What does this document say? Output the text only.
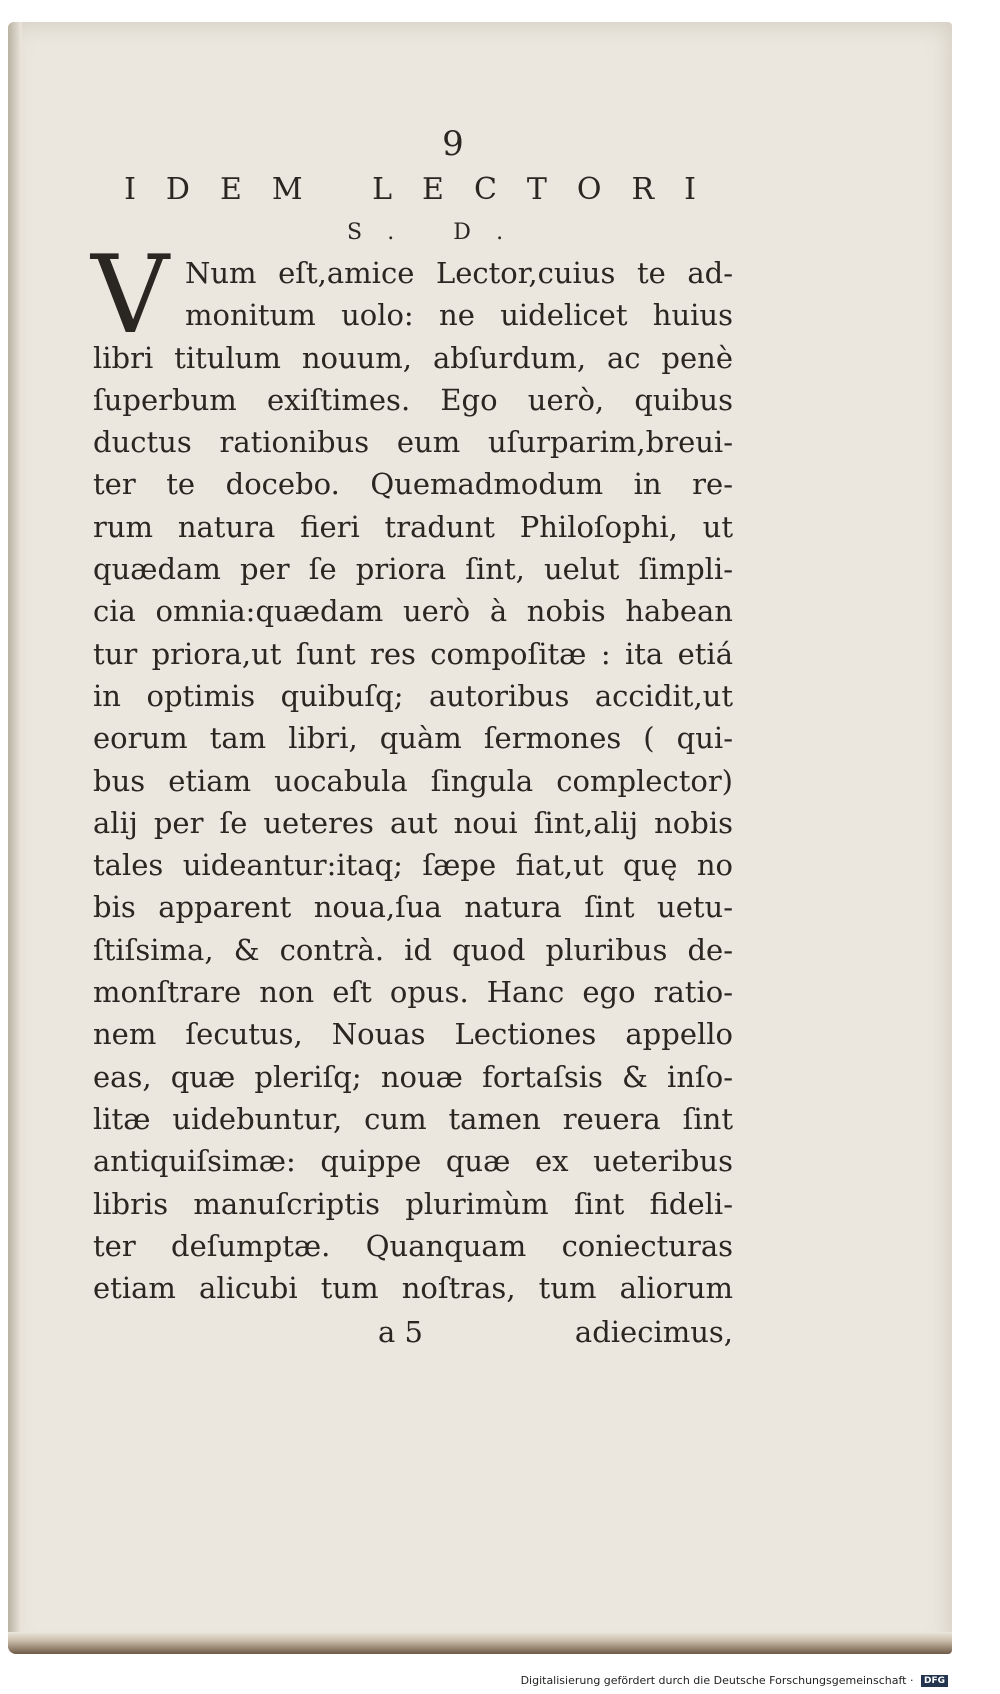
9
IDEM LECTORI
S. D.
V Num eſt,amice Lector,cuius te ad-
monitum uolo: ne uidelicet huius
libri titulum nouum, abſurdum, ac penè
ſuperbum exiſtimes. Ego uerò, quibus
ductus rationibus eum uſurparim,breui-
ter te docebo. Quemadmodum in re-
rum natura fieri tradunt Philoſophi, ut
quædam per ſe priora ſint, uelut ſimpli-
cia omnia:quædam uerò à nobis habean
tur priora,ut ſunt res compoſitæ : ita etiá
in optimis quibuſq; autoribus accidit,ut
eorum tam libri, quàm ſermones ( qui-
bus etiam uocabula ſingula complector)
alij per ſe ueteres aut noui ſint,alij nobis
tales uideantur:itaq; ſæpe fiat,ut quę no
bis apparent noua,ſua natura ſint uetu-
ſtiſsima, & contrà. id quod pluribus de-
monſtrare non eſt opus. Hanc ego ratio-
nem ſecutus, Nouas Lectiones appello
eas, quæ pleriſq; nouæ fortaſsis & inſo-
litæ uidebuntur, cum tamen reuera ſint
antiquiſsimæ: quippe quæ ex ueteribus
libris manuſcriptis plurimùm ſint fideli-
ter deſumptæ. Quanquam coniecturas
etiam alicubi tum noſtras, tum aliorum
a 5	adiecimus,
Digitalisierung gefördert durch die Deutsche Forschungsgemeinschaft · DFG
